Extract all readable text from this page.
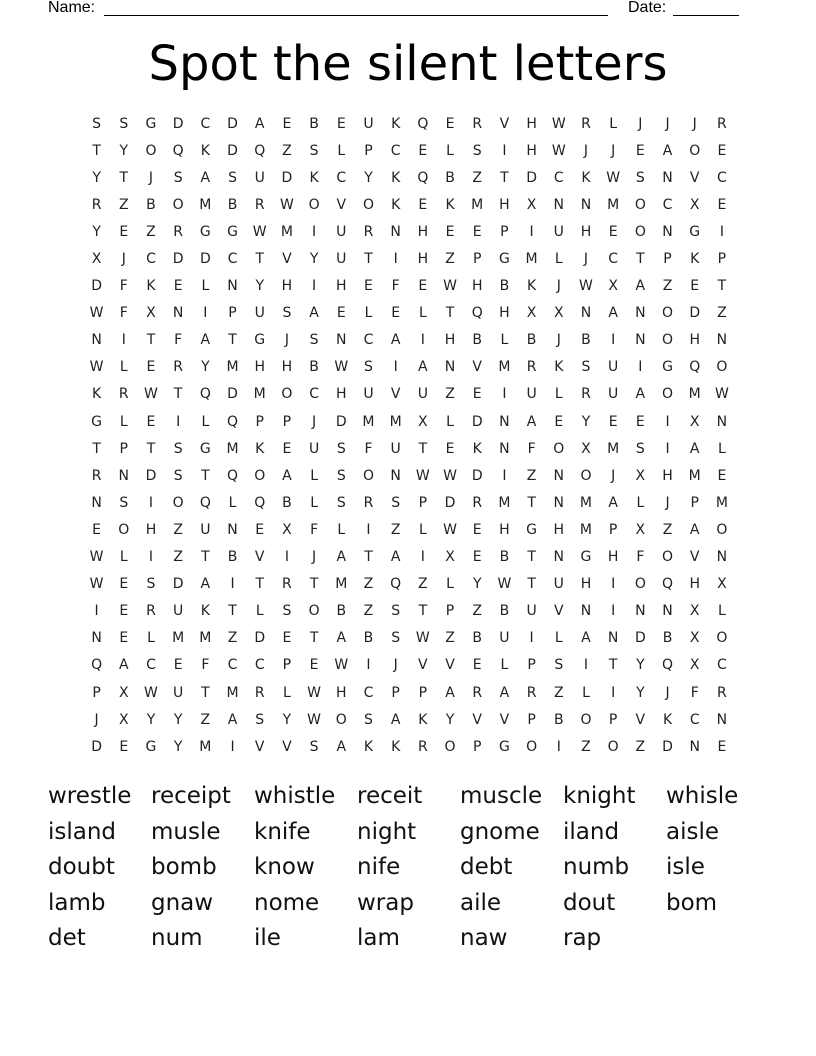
Name:	Date:
Spot the silent letters
S	S	G	D	C	D	A	E	B	E	U	K	Q	E	R	V	H	W	R	L	J	J	J	R
T	Y	O	Q	K	D	Q	Z	S	L	P	C	E	L	S	I	H	W	J	J	E	A	O	E
Y	T	J	S	A	S	U	D	K	C	Y	K	Q	B	Z	T	D	C	K	W	S	N	V	C
R	Z	B	O	M	B	R	W	O	V	O	K	E	K	M	H	X	N	N	M	O	C	X	E
Y	E	Z	R	G	G	W	M	I	U	R	N	H	E	E	P	I	U	H	E	O	N	G	I
X	J	C	D	D	C	T	V	Y	U	T	I	H	Z	P	G	M	L	J	C	T	P	K	P
D	F	K	E	L	N	Y	H	I	H	E	F	E	W	H	B	K	J	W	X	A	Z	E	T
W	F	X	N	I	P	U	S	A	E	L	E	L	T	Q	H	X	X	N	A	N	O	D	Z
N	I	T	F	A	T	G	J	S	N	C	A	I	H	B	L	B	J	B	I	N	O	H	N
W	L	E	R	Y	M	H	H	B	W	S	I	A	N	V	M	R	K	S	U	I	G	Q	O
K	R	W	T	Q	D	M	O	C	H	U	V	U	Z	E	I	U	L	R	U	A	O	M	W
G	L	E	I	L	Q	P	P	J	D	M	M	X	L	D	N	A	E	Y	E	E	I	X	N
T	P	T	S	G	M	K	E	U	S	F	U	T	E	K	N	F	O	X	M	S	I	A	L
R	N	D	S	T	Q	O	A	L	S	O	N	W W	D	I	Z	N	O	J	X	H	M	E
N	S	I	O	Q	L	Q	B	L	S	R	S	P	D	R	M	T	N	M	A	L	J	P	M
E	O	H	Z	U	N	E	X	F	L	I	Z	L	W	E	H	G	H	M	P	X	Z	A	O
W	L	I	Z	T	B	V	I	J	A	T	A	I	X	E	B	T	N	G	H	F	O	V	N
W	E	S	D	A	I	T	R	T	M	Z	Q	Z	L	Y	W	T	U	H	I	O	Q	H	X
I	E	R	U	K	T	L	S	O	B	Z	S	T	P	Z	B	U	V	N	I	N	N	X	L
N	E	L	M	M	Z	D	E	T	A	B	S	W	Z	B	U	I	L	A	N	D	B	X	O
Q	A	C	E	F	C	C	P	E	W	I	J	V	V	E	L	P	S	I	T	Y	Q	X	C
P	X	W	U	T	M	R	L	W	H	C	P	P	A	R	A	R	Z	L	I	Y	J	F	R
J	X	Y	Y	Z	A	S	Y	W	O	S	A	K	Y	V	V	P	B	O	P	V	K	C	N
D	E	G	Y	M	I	V	V	S	A	K	K	R	O	P	G	O	I	Z	O	Z	D	N	E
wrestle receipt	whistle receit	muscle knight	whisle
island	musle	knife	night	gnome	iland	aisle
doubt	bomb	know	nife	debt	numb	isle
lamb	gnaw	nome	wrap	aile	dout	bom
det	num	ile	lam	naw	rap
